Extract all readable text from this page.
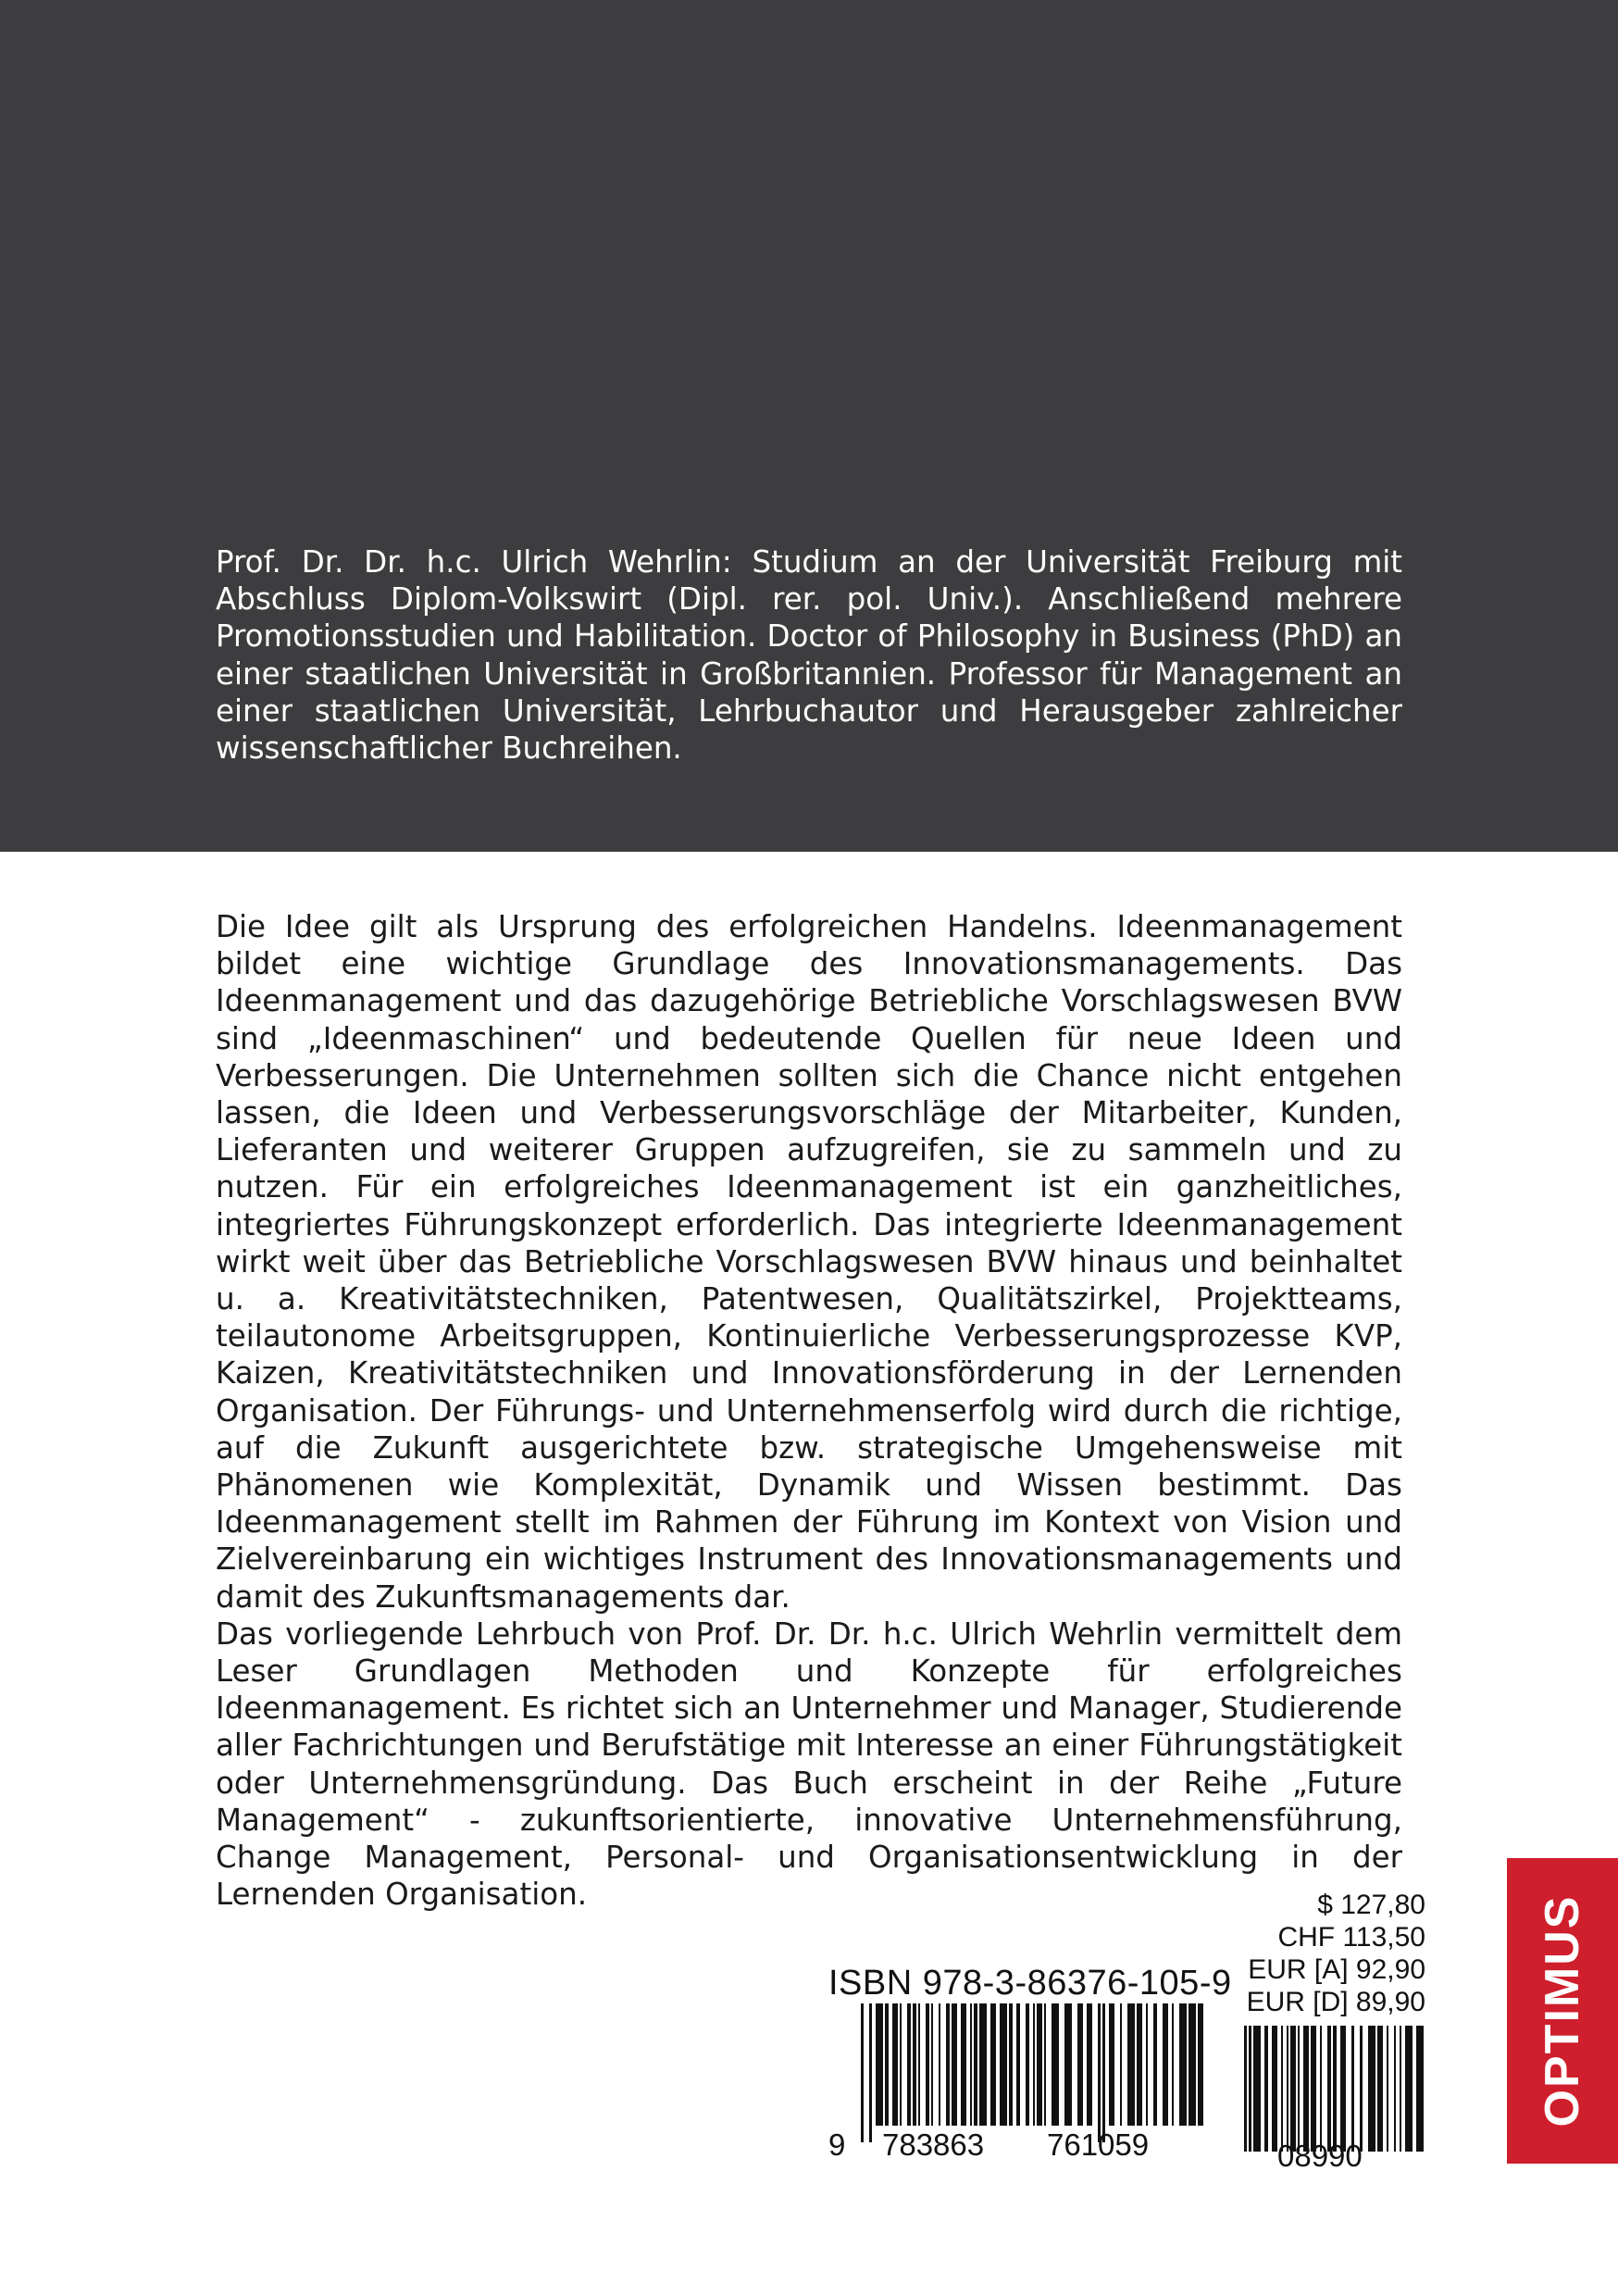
Prof. Dr. Dr. h.c. Ulrich Wehrlin: Studium an der Universität Freiburg mit Abschluss Diplom-Volkswirt (Dipl. rer. pol. Univ.). Anschließend mehrere Promotionsstudien und Habilitation. Doctor of Philosophy in Business (PhD) an einer staatlichen Universität in Großbritannien. Professor für Management an einer staatlichen Universität, Lehrbuchautor und Herausgeber zahlreicher wissenschaftlicher Buchreihen.

Die Idee gilt als Ursprung des erfolgreichen Handelns. Ideenmanagement bildet eine wichtige Grundlage des Innovationsmanagements. Das Ideenmanagement und das dazugehörige Betriebliche Vorschlagswesen BVW sind „Ideenmaschinen“ und bedeutende Quellen für neue Ideen und Verbesserungen. Die Unternehmen sollten sich die Chance nicht entgehen lassen, die Ideen und Verbesserungsvorschläge der Mitarbeiter, Kunden, Lieferanten und weiterer Gruppen aufzugreifen, sie zu sammeln und zu nutzen. Für ein erfolgreiches Ideenmanagement ist ein ganzheitliches, integriertes Führungskonzept erforderlich. Das integrierte Ideenmanagement wirkt weit über das Betriebliche Vorschlagswesen BVW hinaus und beinhaltet u. a. Kreativitätstechniken, Patentwesen, Qualitätszirkel, Projektteams, teilautonome Arbeitsgruppen, Kontinuierliche Verbesserungsprozesse KVP, Kaizen, Kreativitätstechniken und Innovationsförderung in der Lernenden Organisation. Der Führungs- und Unternehmenserfolg wird durch die richtige, auf die Zukunft ausgerichtete bzw. strategische Umgehensweise mit Phänomenen wie Komplexität, Dynamik und Wissen bestimmt. Das Ideenmanagement stellt im Rahmen der Führung im Kontext von Vision und Zielvereinbarung ein wichtiges Instrument des Innovationsmanagements und damit des Zukunftsmanagements dar.

Das vorliegende Lehrbuch von Prof. Dr. Dr. h.c. Ulrich Wehrlin vermittelt dem Leser Grundlagen Methoden und Konzepte für erfolgreiches Ideenmanagement. Es richtet sich an Unternehmer und Manager, Studierende aller Fachrichtungen und Berufstätige mit Interesse an einer Führungstätigkeit oder Unternehmensgründung. Das Buch erscheint in der Reihe „Future Management“ - zukunftsorientierte, innovative Unternehmensführung, Change Management, Personal- und Organisationsentwicklung in der Lernenden Organisation.	$ 127,80
CHF 113,50
EUR [A] 92,90
EUR [D] 89,90
ISBN 978-3-86376-105-9
9 783863 761059	08990
OPTIMUS
